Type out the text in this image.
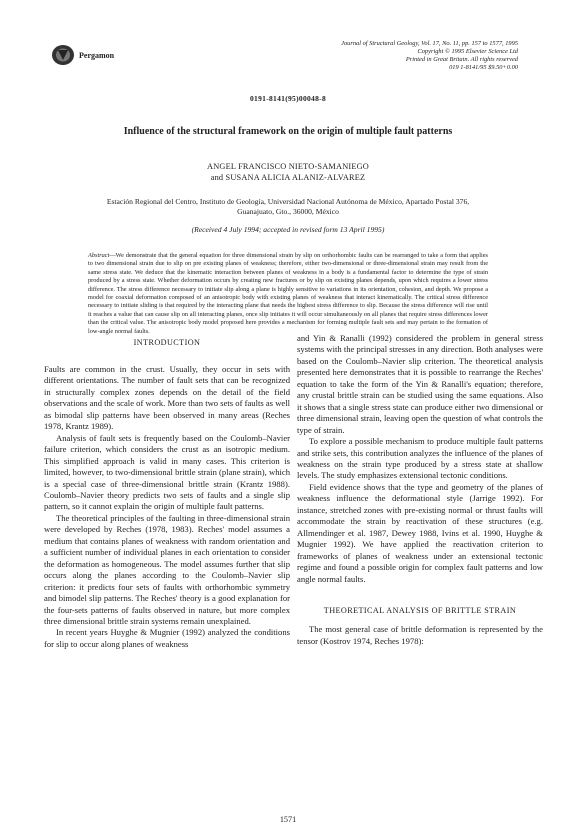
Pergamon
Journal of Structural Geology, Vol. 17, No. 11, pp. 157 to 1577, 1995
Copyright © 1995 Elsevier Science Ltd
Printed in Great Britain. All rights reserved
019 1-8141/95 $9.50+0.00
0191-8141(95)00048-8
Influence of the structural framework on the origin of multiple fault patterns
ANGEL FRANCISCO NIETO-SAMANIEGO
and SUSANA ALICIA ALANIZ-ALVAREZ
Estación Regional del Centro, Instituto de Geología, Universidad Nacional Autónoma de México, Apartado Postal 376, Guanajuato, Gto., 36000, México
(Received 4 July 1994; accepted in revised form 13 April 1995)
Abstract—We demonstrate that the general equation for three dimensional strain by slip on orthorhombic faults can be rearranged to take a form that applies to two dimensional strain due to slip on pre existing planes of weakness; therefore, either two-dimensional or three-dimensional strain may result from the same stress state. We deduce that the kinematic interaction between planes of weakness in a body is a fundamental factor to determine the type of strain produced by a stress state. Whether deformation occurs by creating new fractures or by slip on existing planes depends, upon which requires a lower stress difference. The stress difference necessary to initiate slip along a plane is highly sensitive to variations in its orientation, cohesion, and depth. We propose a model for coaxial deformation composed of an anisotropic body with existing planes of weakness that interact kinematically. The critical stress difference necessary to initiate sliding is that required by the interacting plane that needs the highest stress difference to slip. Because the stress difference will rise until it reaches a value that can cause slip on all interacting planes, once slip initiates it will occur simultaneously on all planes that require stress differences lower than the critical value. The anisotropic body model proposed here provides a mechanism for forming multiple fault sets and may pertain to the formation of low-angle normal faults.
INTRODUCTION

Faults are common in the crust. Usually, they occur in sets with different orientations. The number of fault sets that can be recognized in structurally complex zones depends on the detail of the field observations and the scale of work. More than two sets of faults as well as bimodal slip patterns have been observed in many areas (Reches 1978, Krantz 1989).

Analysis of fault sets is frequently based on the Coulomb–Navier failure criterion, which considers the crust as an isotropic medium. This simplified approach is valid in many cases. This criterion is limited, however, to two-dimensional brittle strain (plane strain), which is a special case of three-dimensional brittle strain (Krantz 1988). Coulomb–Navier theory predicts two sets of faults and a single slip pattern, so it cannot explain the origin of multiple fault patterns.

The theoretical principles of the faulting in three-dimensional strain were developed by Reches (1978, 1983). Reches' model assumes a medium that contains planes of weakness with random orientation and a sufficient number of individual planes in each orientation to consider the deformation as homogeneous. The model assumes further that slip occurs along the planes according to the Coulomb–Navier slip criterion: it predicts four sets of faults with orthorhombic symmetry and bimodel slip patterns. The Reches' theory is a good explanation for the four-sets patterns of faults observed in nature, but more complex three dimensional brittle strain systems remain unexplained.

In recent years Huyghe & Mugnier (1992) analyzed the conditions for slip to occur along planes of weakness

and Yin & Ranalli (1992) considered the problem in general stress systems with the principal stresses in any direction. Both analyses were based on the Coulomb–Navier slip criterion. The theoretical analysis presented here demonstrates that it is possible to rearrange the Reches' equation to take the form of the Yin & Ranalli's equation; therefore, any crustal brittle strain can be studied using the same equations. Also it shows that a single stress state can produce either two dimensional or three dimensional strain, leaving open the question of what controls the type of strain.

To explore a possible mechanism to produce multiple fault patterns and strike sets, this contribution analyzes the influence of the planes of weakness on the strain type produced by a stress state at shallow levels. The study emphasizes extensional tectonic conditions.

Field evidence shows that the type and geometry of the planes of weakness influence the deformational style (Jarrige 1992). For instance, stretched zones with pre-existing normal or thrust faults will accommodate the strain by reactivation of these structures (e.g. Allmendinger et al. 1987, Dewey 1988, Ivins et al. 1990, Huyghe & Mugnier 1992). We have applied the reactivation criterion to frameworks of planes of weakness under an extensional tectonic regime and found a possible origin for complex fault patterns and low angle normal faults.

THEORETICAL ANALYSIS OF BRITTLE STRAIN

The most general case of brittle deformation is represented by the tensor (Kostrov 1974, Reches 1978):

1571
